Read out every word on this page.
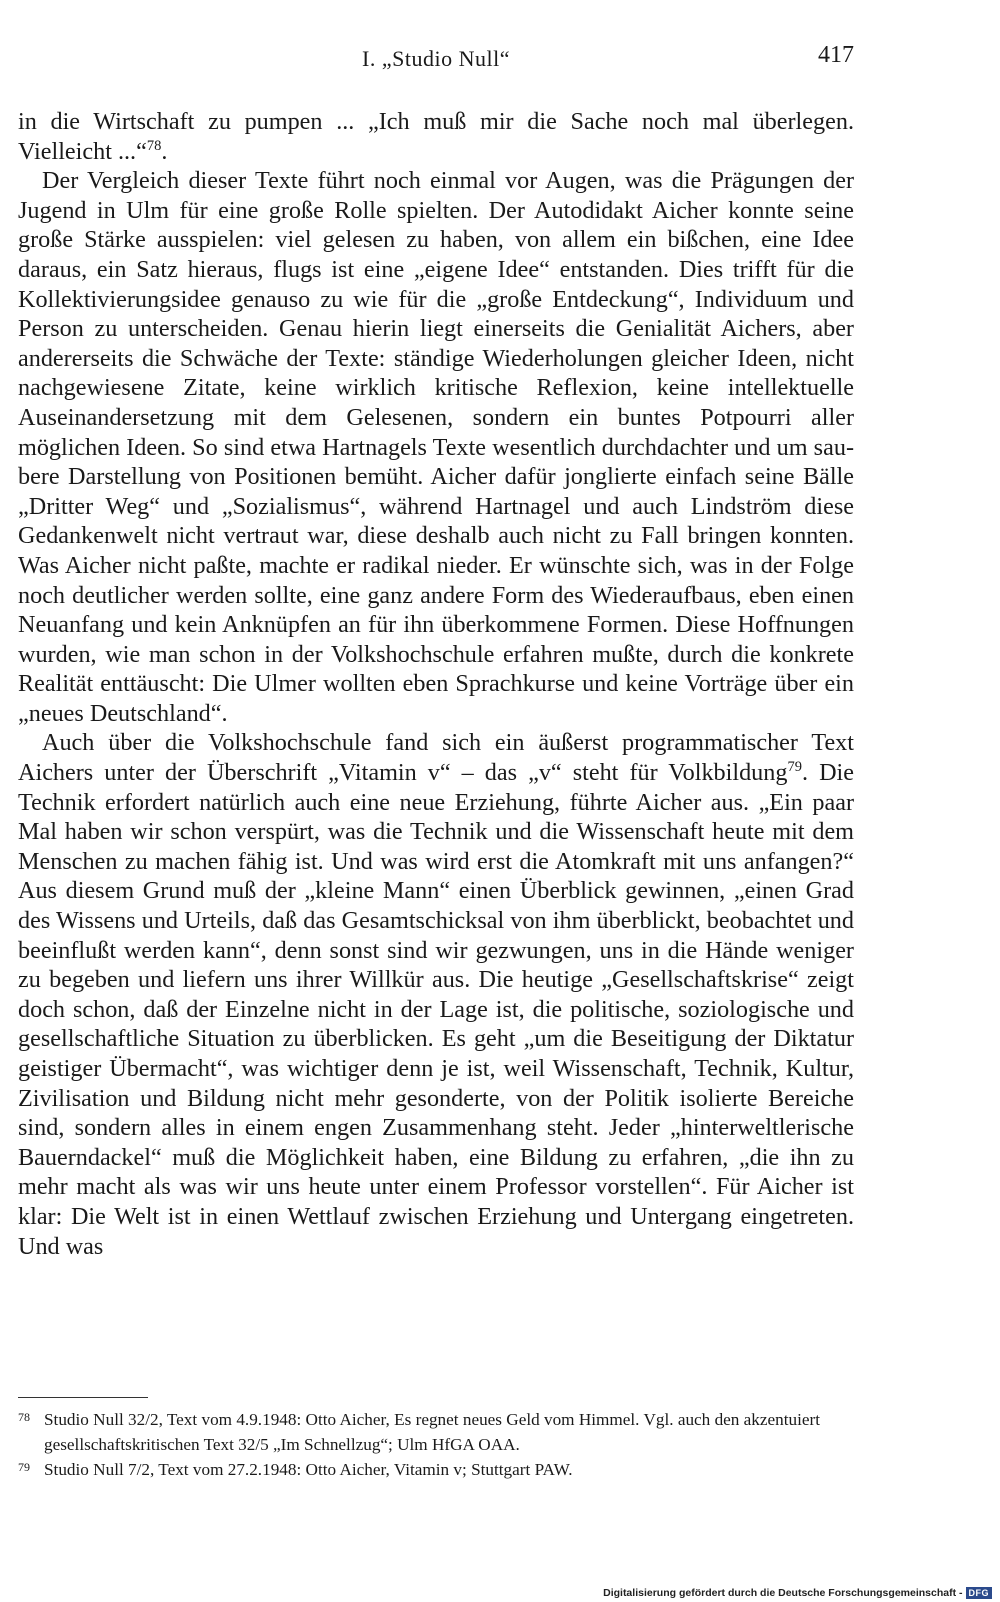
I. „Studio Null“	417

in die Wirtschaft zu pumpen ... „Ich muß mir die Sache noch mal überlegen. Vielleicht ...“$^{78}$.

Der Vergleich dieser Texte führt noch einmal vor Augen, was die Prägungen der Jugend in Ulm für eine große Rolle spielten. Der Autodidakt Aicher konnte seine große Stärke ausspielen: viel gelesen zu haben, von allem ein bißchen, eine Idee daraus, ein Satz hieraus, flugs ist eine „eigene Idee“ entstanden. Dies trifft für die Kollektivierungsidee genauso zu wie für die „große Entdeckung“, Individuum und Person zu unterscheiden. Genau hierin liegt einerseits die Genialität Aichers, aber andererseits die Schwäche der Texte: ständige Wiederholungen gleicher Ideen, nicht nachgewiesene Zitate, keine wirklich kritische Reflexion, keine intellektuelle Auseinandersetzung mit dem Gelesenen, sondern ein buntes Potpourri aller möglichen Ideen. So sind etwa Hartnagels Texte wesentlich durchdachter und um saubere Darstellung von Positionen bemüht. Aicher dafür jonglierte einfach seine Bälle „Dritter Weg“ und „Sozialismus“, während Hartnagel und auch Lindström diese Gedankenwelt nicht vertraut war, diese deshalb auch nicht zu Fall bringen konnten. Was Aicher nicht paßte, machte er radikal nieder. Er wünschte sich, was in der Folge noch deutlicher werden sollte, eine ganz andere Form des Wiederaufbaus, eben einen Neuanfang und kein Anknüpfen an für ihn überkommene Formen. Diese Hoffnungen wurden, wie man schon in der Volkshochschule erfahren mußte, durch die konkrete Realität enttäuscht: Die Ulmer wollten eben Sprachkurse und keine Vorträge über ein „neues Deutschland“.

Auch über die Volkshochschule fand sich ein äußerst programmatischer Text Aichers unter der Überschrift „Vitamin v“ – das „v“ steht für Volkbildung$^{79}$. Die Technik erfordert natürlich auch eine neue Erziehung, führte Aicher aus. „Ein paar Mal haben wir schon verspürt, was die Technik und die Wissenschaft heute mit dem Menschen zu machen fähig ist. Und was wird erst die Atomkraft mit uns anfangen?“ Aus diesem Grund muß der „kleine Mann“ einen Überblick gewinnen, „einen Grad des Wissens und Urteils, daß das Gesamtschicksal von ihm überblickt, beobachtet und beeinflußt werden kann“, denn sonst sind wir gezwungen, uns in die Hände weniger zu begeben und liefern uns ihrer Willkür aus. Die heutige „Gesellschaftskrise“ zeigt doch schon, daß der Einzelne nicht in der Lage ist, die politische, soziologische und gesellschaftliche Situation zu überblicken. Es geht „um die Beseitigung der Diktatur geistiger Übermacht“, was wichtiger denn je ist, weil Wissenschaft, Technik, Kultur, Zivilisation und Bildung nicht mehr gesonderte, von der Politik isolierte Bereiche sind, sondern alles in einem engen Zusammenhang steht. Jeder „hinterweltlerische Bauerndackel“ muß die Möglichkeit haben, eine Bildung zu erfahren, „die ihn zu mehr macht als was wir uns heute unter einem Professor vorstellen“. Für Aicher ist klar: Die Welt ist in einen Wettlauf zwischen Erziehung und Untergang eingetreten. Und was

78 Studio Null 32/2, Text vom 4.9.1948: Otto Aicher, Es regnet neues Geld vom Himmel. Vgl. auch den akzentuiert gesellschaftskritischen Text 32/5 „Im Schnellzug“; Ulm HfGA OAA.
79 Studio Null 7/2, Text vom 27.2.1948: Otto Aicher, Vitamin v; Stuttgart PAW.
Digitalisierung gefördert durch die Deutsche Forschungsgemeinschaft - DFG
